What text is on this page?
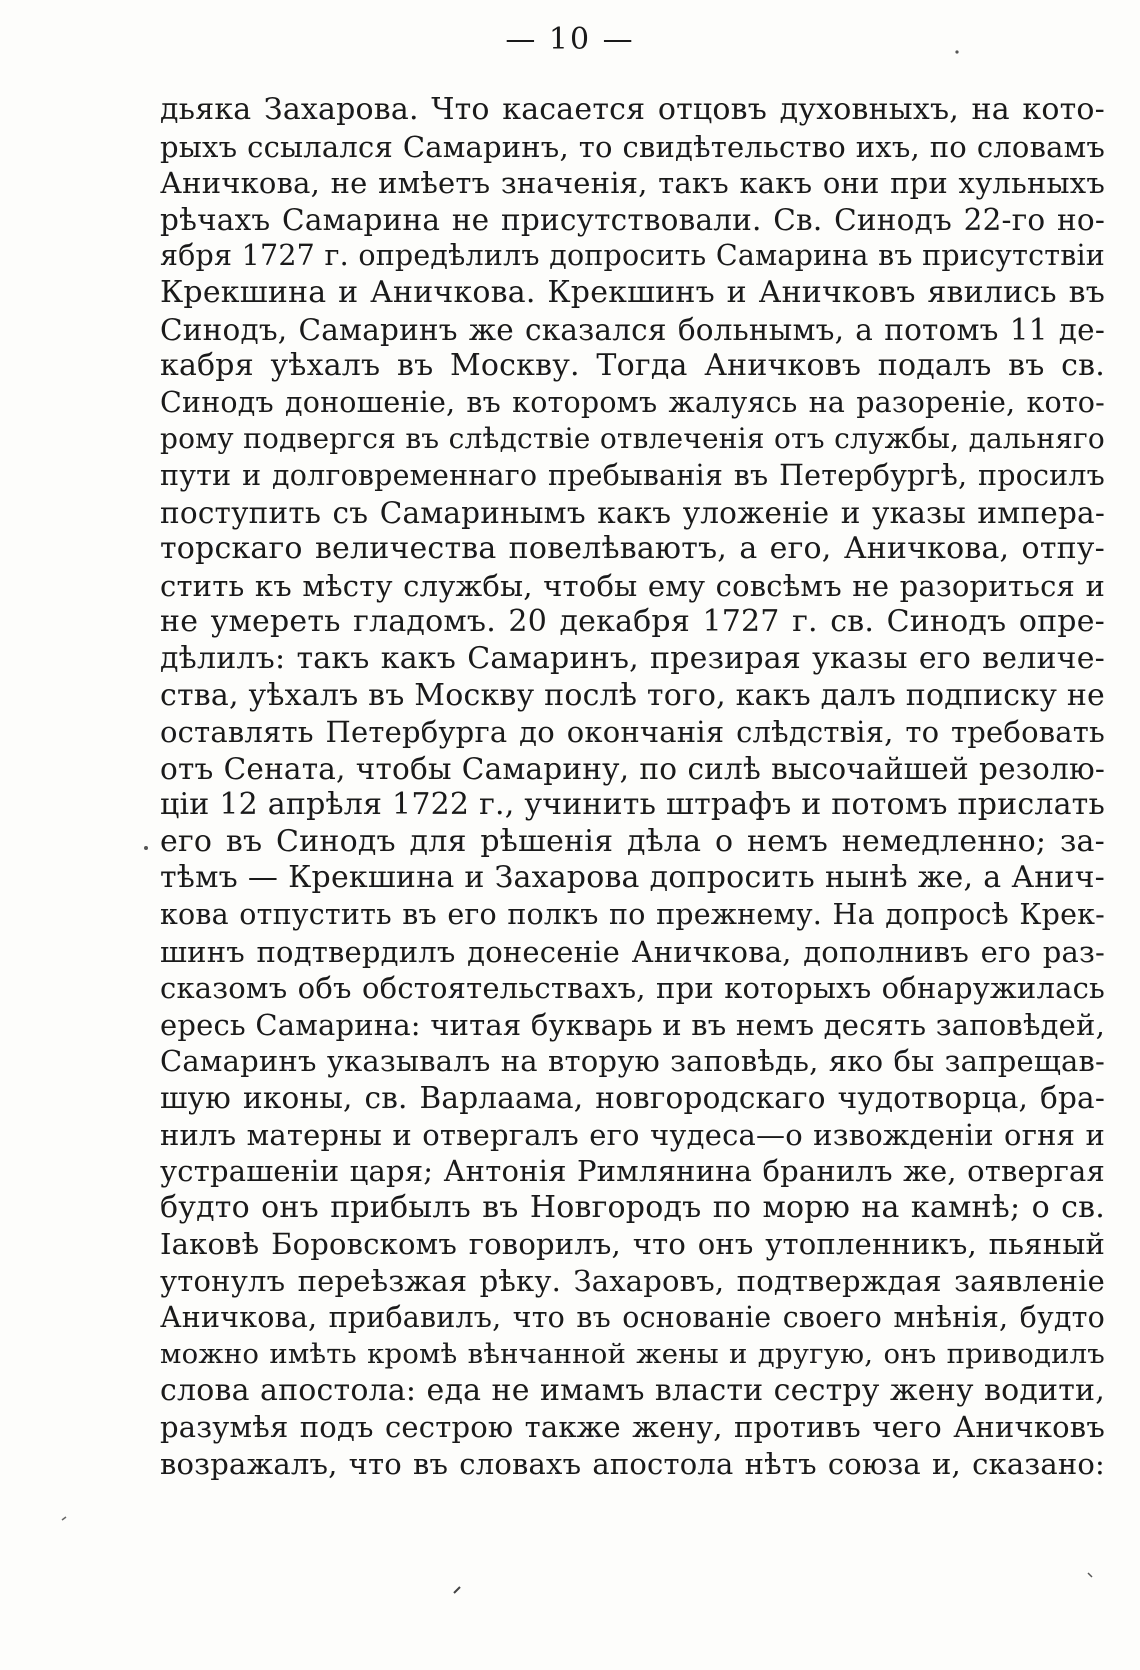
— 10 —
дьяка Захарова. Что касается отцовъ духовныхъ, на кото-
рыхъ ссылался Самаринъ, то свидѣтельство ихъ, по словамъ
Аничкова, не имѣетъ значенія, такъ какъ они при хульныхъ
рѣчахъ Самарина не присутствовали. Св. Синодъ 22-го но-
ября 1727 г. опредѣлилъ допросить Самарина въ присутствіи
Крекшина и Аничкова. Крекшинъ и Аничковъ явились въ
Синодъ, Самаринъ же сказался больнымъ, а потомъ 11 де-
кабря уѣхалъ въ Москву. Тогда Аничковъ подалъ въ св.
Синодъ доношеніе, въ которомъ жалуясь на разореніе, кото-
рому подвергся въ слѣдствіе отвлеченія отъ службы, дальняго
пути и долговременнаго пребыванія въ Петербургѣ, просилъ
поступить съ Самаринымъ какъ уложеніе и указы импера-
торскаго величества повелѣваютъ, а его, Аничкова, отпу-
стить къ мѣсту службы, чтобы ему совсѣмъ не разориться и
не умереть гладомъ. 20 декабря 1727 г. св. Синодъ опре-
дѣлилъ: такъ какъ Самаринъ, презирая указы его величе-
ства, уѣхалъ въ Москву послѣ того, какъ далъ подписку не
оставлять Петербурга до окончанія слѣдствія, то требовать
отъ Сената, чтобы Самарину, по силѣ высочайшей резолю-
ціи 12 апрѣля 1722 г., учинить штрафъ и потомъ прислать
его въ Синодъ для рѣшенія дѣла о немъ немедленно; за-
тѣмъ — Крекшина и Захарова допросить нынѣ же, а Анич-
кова отпустить въ его полкъ по прежнему. На допросѣ Крек-
шинъ подтвердилъ донесеніе Аничкова, дополнивъ его раз-
сказомъ объ обстоятельствахъ, при которыхъ обнаружилась
ересь Самарина: читая букварь и въ немъ десять заповѣдей,
Самаринъ указывалъ на вторую заповѣдь, яко бы запрещав-
шую иконы, св. Варлаама, новгородскаго чудотворца, бра-
нилъ матерны и отвергалъ его чудеса—о извожденіи огня и
устрашеніи царя; Антонія Римлянина бранилъ же, отвергая
будто онъ прибылъ въ Новгородъ по морю на камнѣ; о св.
Іаковѣ Боровскомъ говорилъ, что онъ утопленникъ, пьяный
утонулъ переѣзжая рѣку. Захаровъ, подтверждая заявленіе
Аничкова, прибавилъ, что въ основаніе своего мнѣнія, будто
можно имѣть кромѣ вѣнчанной жены и другую, онъ приводилъ
слова апостола: еда не имамъ власти сестру жену водити,
разумѣя подъ сестрою также жену, противъ чего Аничковъ
возражалъ, что въ словахъ апостола нѣтъ союза и, сказано:
